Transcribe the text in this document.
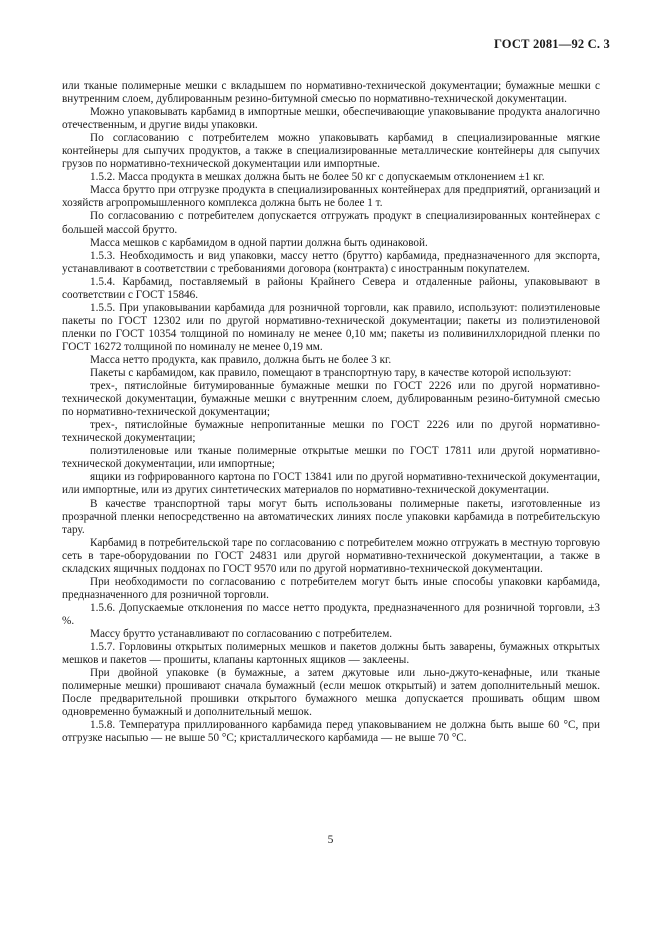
ГОСТ 2081—92 С. 3

или тканые полимерные мешки с вкладышем по нормативно-технической документации; бумажные мешки с внутренним слоем, дублированным резино-битумной смесью по нормативно-технической документации.

Можно упаковывать карбамид в импортные мешки, обеспечивающие упаковывание продукта аналогично отечественным, и другие виды упаковки.

По согласованию с потребителем можно упаковывать карбамид в специализированные мягкие контейнеры для сыпучих продуктов, а также в специализированные металлические контейнеры для сыпучих грузов по нормативно-технической документации или импортные.

1.5.2. Масса продукта в мешках должна быть не более 50 кг с допускаемым отклонением ±1 кг.

Масса брутто при отгрузке продукта в специализированных контейнерах для предприятий, организаций и хозяйств агропромышленного комплекса должна быть не более 1 т.

По согласованию с потребителем допускается отгружать продукт в специализированных контейнерах с большей массой брутто.

Масса мешков с карбамидом в одной партии должна быть одинаковой.

1.5.3. Необходимость и вид упаковки, массу нетто (брутто) карбамида, предназначенного для экспорта, устанавливают в соответствии с требованиями договора (контракта) с иностранным покупателем.

1.5.4. Карбамид, поставляемый в районы Крайнего Севера и отдаленные районы, упаковывают в соответствии с ГОСТ 15846.

1.5.5. При упаковывании карбамида для розничной торговли, как правило, используют: полиэтиленовые пакеты по ГОСТ 12302 или по другой нормативно-технической документации; пакеты из полиэтиленовой пленки по ГОСТ 10354 толщиной по номиналу не менее 0,10 мм; пакеты из поливинилхлоридной пленки по ГОСТ 16272 толщиной по номиналу не менее 0,19 мм.

Масса нетто продукта, как правило, должна быть не более 3 кг.

Пакеты с карбамидом, как правило, помещают в транспортную тару, в качестве которой используют:

трех-, пятислойные битумированные бумажные мешки по ГОСТ 2226 или по другой нормативно-технической документации, бумажные мешки с внутренним слоем, дублированным резино-битумной смесью по нормативно-технической документации;

трех-, пятислойные бумажные непропитанные мешки по ГОСТ 2226 или по другой нормативно-технической документации;

полиэтиленовые или тканые полимерные открытые мешки по ГОСТ 17811 или другой нормативно-технической документации, или импортные;

ящики из гофрированного картона по ГОСТ 13841 или по другой нормативно-технической документации, или импортные, или из других синтетических материалов по нормативно-технической документации.

В качестве транспортной тары могут быть использованы полимерные пакеты, изготовленные из прозрачной пленки непосредственно на автоматических линиях после упаковки карбамида в потребительскую тару.

Карбамид в потребительской таре по согласованию с потребителем можно отгружать в местную торговую сеть в таре-оборудовании по ГОСТ 24831 или другой нормативно-технической документации, а также в складских ящичных поддонах по ГОСТ 9570 или по другой нормативно-технической документации.

При необходимости по согласованию с потребителем могут быть иные способы упаковки карбамида, предназначенного для розничной торговли.

1.5.6. Допускаемые отклонения по массе нетто продукта, предназначенного для розничной торговли, ±3 %.

Массу брутто устанавливают по согласованию с потребителем.

1.5.7. Горловины открытых полимерных мешков и пакетов должны быть заварены, бумажных открытых мешков и пакетов — прошиты, клапаны картонных ящиков — заклеены.

При двойной упаковке (в бумажные, а затем джутовые или льно-джуто-кенафные, или тканые полимерные мешки) прошивают сначала бумажный (если мешок открытый) и затем дополнительный мешок. После предварительной прошивки открытого бумажного мешка допускается прошивать общим швом одновременно бумажный и дополнительный мешок.

1.5.8. Температура приллированного карбамида перед упаковыванием не должна быть выше 60 °С, при отгрузке насыпью — не выше 50 °С; кристаллического карбамида — не выше 70 °С.

5
